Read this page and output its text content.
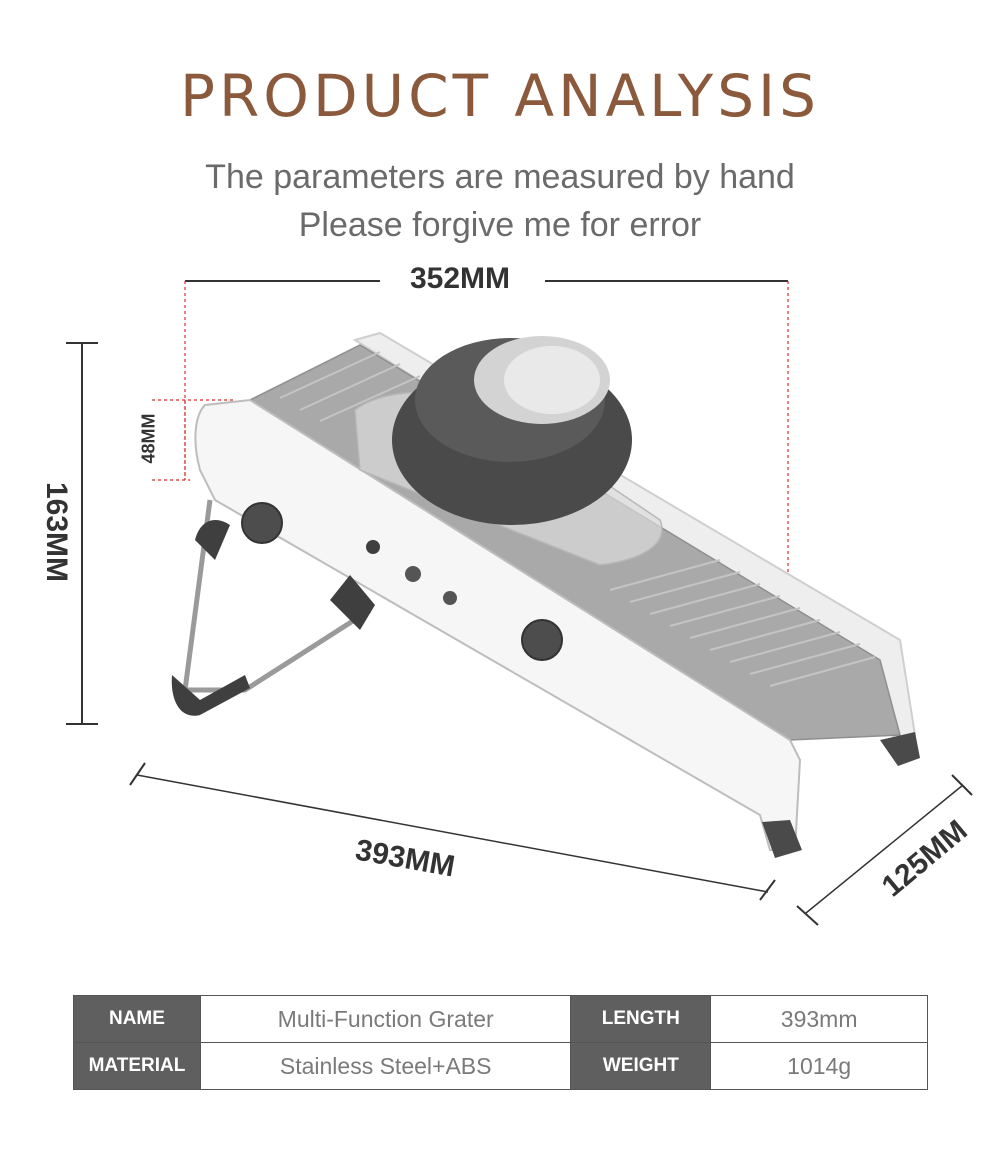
PRODUCT ANALYSIS
The parameters are measured by hand
Please forgive me for error
352MM
163MM
48MM
393MM	125MM
NAME	Multi-Function Grater	LENGTH	393mm
MATERIAL	Stainless Steel+ABS	WEIGHT	1014g
